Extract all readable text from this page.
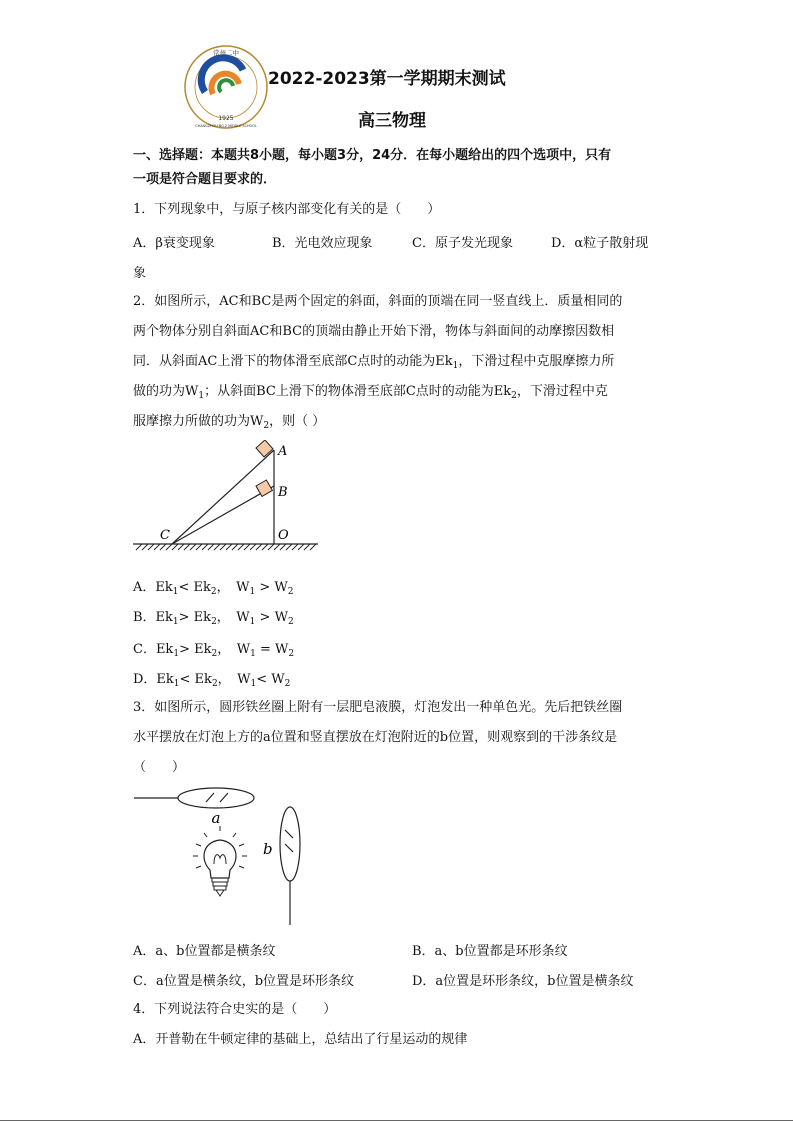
1925
常州二中
CHANGZHOU NO.2 MIDDLE SCHOOL
2022-2023第一学期期末测试
高三物理
一、选择题：本题共8小题，每小题3分，24分．在每小题给出的四个选项中，只有
一项是符合题目要求的．
1．下列现象中，与原子核内部变化有关的是（　　）
A．β衰变现象	B．光电效应现象	C．原子发光现象	D．α粒子散射现
象
2．如图所示，AC和BC是两个固定的斜面，斜面的顶端在同一竖直线上．质量相同的
两个物体分别自斜面AC和BC的顶端由静止开始下滑，物体与斜面间的动摩擦因数相
同．从斜面AC上滑下的物体滑至底部C点时的动能为$Ek_1$，下滑过程中克服摩擦力所
做的功为$W_1$；从斜面BC上滑下的物体滑至底部C点时的动能为$Ek_2$，下滑过程中克
服摩擦力所做的功为$W_2$，则（ ）
A
B
C	O
A．$Ek_1< Ek_2$，　$W_1 > W_2$
B．$Ek_1> Ek_2$，　$W_1 > W_2$
C．$Ek_1> Ek_2$，　$W_1 = W_2$
D．$Ek_1< Ek_2$，　$W_1< W_2$
3．如图所示，圆形铁丝圈上附有一层肥皂液膜，灯泡发出一种单色光。先后把铁丝圈
水平摆放在灯泡上方的a位置和竖直摆放在灯泡附近的b位置，则观察到的干涉条纹是
（　　）
a
b
A．a、b位置都是横条纹	B．a、b位置都是环形条纹
C．a位置是横条纹，b位置是环形条纹	D．a位置是环形条纹，b位置是横条纹
4．下列说法符合史实的是（　　）
A．开普勒在牛顿定律的基础上，总结出了行星运动的规律
